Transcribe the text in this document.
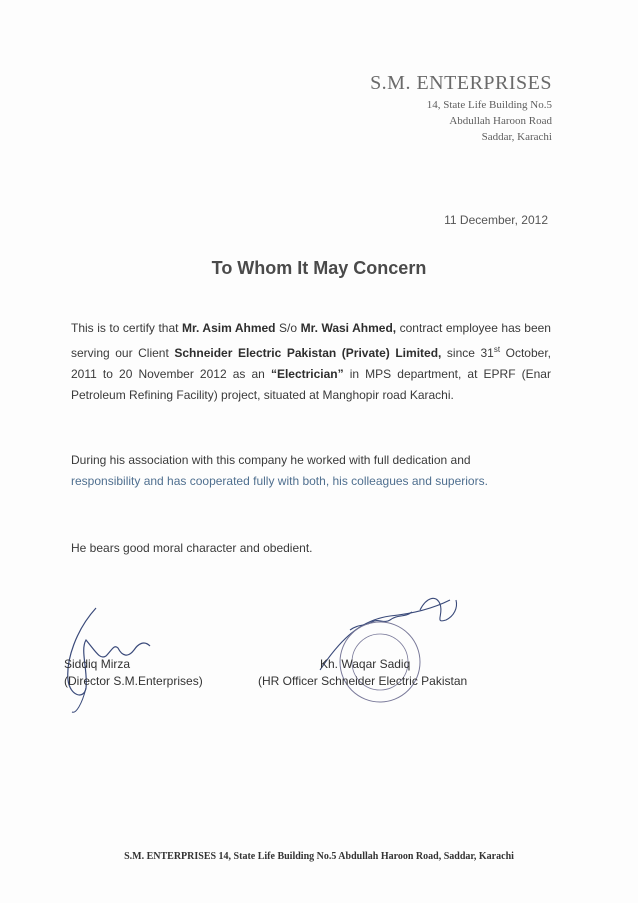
S.M. ENTERPRISES
14, State Life Building No.5
Abdullah Haroon Road
Saddar, Karachi
11 December, 2012
To Whom It May Concern
This is to certify that Mr. Asim Ahmed S/o Mr. Wasi Ahmed, contract employee has been serving our Client Schneider Electric Pakistan (Private) Limited, since 31st October, 2011 to 20 November 2012 as an “Electrician” in MPS department, at EPRF (Enar Petroleum Refining Facility) project, situated at Manghopir road Karachi.
During his association with this company he worked with full dedication and
responsibility and has cooperated fully with both, his colleagues and superiors.
He bears good moral character and obedient.
Siddiq Mirza
(Director S.M.Enterprises)
Kh. Waqar Sadiq
(HR Officer Schneider Electric Pakistan
S.M. ENTERPRISES 14, State Life Building No.5 Abdullah Haroon Road, Saddar, Karachi
